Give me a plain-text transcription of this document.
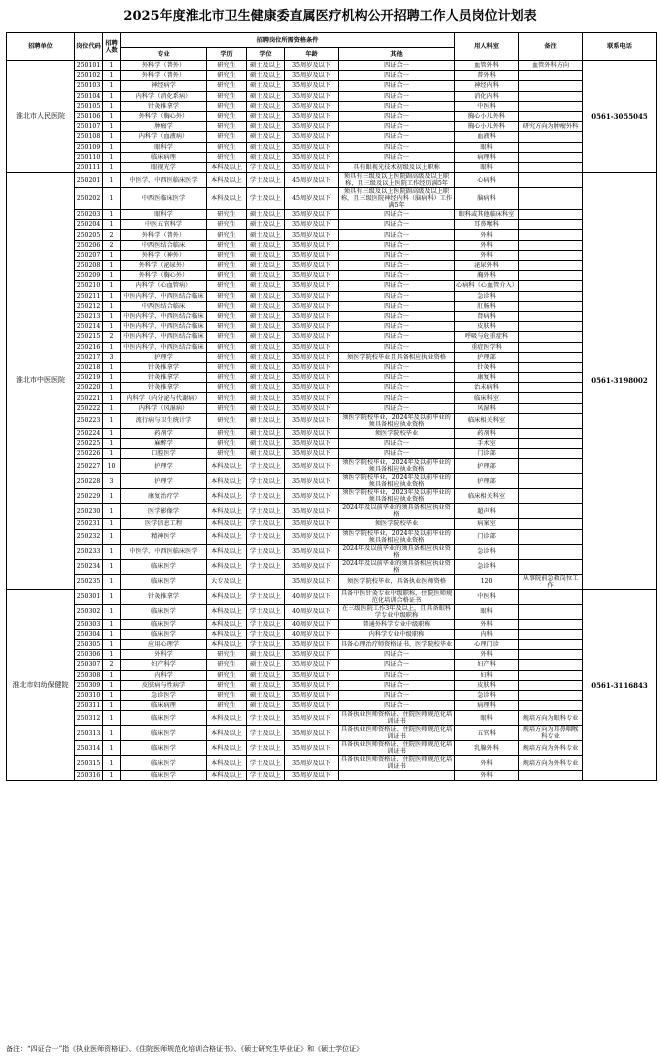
2025年度淮北市卫生健康委直属医疗机构公开招聘工作人员岗位计划表
招聘单位	岗位代码	招聘人数	招聘岗位所需资格条件					用人科室	备注	联系电话
			专业	学历	学位	年龄	其他			
淮北市人民医院	250101	1	外科学（普外）	研究生	硕士及以上	35周岁及以下	四证合一	血管外科	血管外科方向	0561-3055045
	250102	1	外科学（普外）	研究生	硕士及以上	35周岁及以下	四证合一	普外科		
	250103	1	神经病学	研究生	硕士及以上	35周岁及以下	四证合一	神经内科		
	250104	1	内科学（消化系病）	研究生	硕士及以上	35周岁及以下	四证合一	消化内科		
	250105	1	针灸推拿学	研究生	硕士及以上	35周岁及以下	四证合一	中医科		
	250106	1	外科学（胸心外）	研究生	硕士及以上	35周岁及以下	四证合一	胸心小儿外科		
	250107	1	肿瘤学	研究生	硕士及以上	35周岁及以下	四证合一	胸心小儿外科	研究方向为肿瘤外科	
	250108	1	内科学（血液病）	研究生	硕士及以上	35周岁及以下	四证合一	血液科		
	250109	1	眼科学	研究生	硕士及以上	35周岁及以下	四证合一	眼科		
	250110	1	临床病理	研究生	硕士及以上	35周岁及以下	四证合一	病理科		
	250111	1	眼视光学	本科及以上	学士及以上	35周岁及以下	具有眼视光技术初级及以上职称	眼科		
淮北市中医医院	250201	1	中医学、中西医临床医学	本科及以上	学士及以上	45周岁及以下	须具有三级及以上医院副高级及以上职称，且三级及以上医院工作经历满5年	心病科		0561-3198002
	250202	1	中西医临床医学	本科及以上	学士及以上	45周岁及以下	须具有三级及以上医院副高级及以上职称，且三级医院神经内科（脑病科）工作满5年	脑病科		
	250203	1	眼科学	研究生	硕士及以上	35周岁及以下	四证合一	眼科或其他临床科室		
	250204	1	中医五官科学	研究生	硕士及以上	35周岁及以下	四证合一	耳鼻喉科		
	250205	2	外科学（普外）	研究生	硕士及以上	35周岁及以下	四证合一	外科		
	250206	2	中西医结合临床	研究生	硕士及以上	35周岁及以下	四证合一	外科		
	250207	1	外科学（神外）	研究生	硕士及以上	35周岁及以下	四证合一	外科		
	250208	1	外科学（泌尿外）	研究生	硕士及以上	35周岁及以下	四证合一	泌尿外科		
	250209	1	外科学（胸心外）	研究生	硕士及以上	35周岁及以下	四证合一	胸外科		
	250210	1	内科学（心血管病）	研究生	硕士及以上	35周岁及以下	四证合一	心病科（心血管介入）		
	250211	1	中医内科学、中西医结合临床	研究生	硕士及以上	35周岁及以下	四证合一	急诊科		
	250212	1	中西医结合临床	研究生	硕士及以上	35周岁及以下	四证合一	肛肠科		
	250213	1	中医内科学、中西医结合临床	研究生	硕士及以上	35周岁及以下	四证合一	肾病科		
	250214	1	中医内科学、中西医结合临床	研究生	硕士及以上	35周岁及以下	四证合一	皮肤科		
	250215	2	中医内科学、中西医结合临床	研究生	硕士及以上	35周岁及以下	四证合一	呼吸与危重症科		
	250216	1	中医内科学、中西医结合临床	研究生	硕士及以上	35周岁及以下	四证合一	重症医学科		
	250217	3	护理学	研究生	硕士及以上	35周岁及以下	须医学院校毕业且具备相应执业资格	护理部		
	250218	1	针灸推拿学	研究生	硕士及以上	35周岁及以下	四证合一	针灸科		
	250219	1	针灸推拿学	研究生	硕士及以上	35周岁及以下	四证合一	康复科		
	250220	1	针灸推拿学	研究生	硕士及以上	35周岁及以下	四证合一	治未病科		
	250221	1	内科学（内分泌与代谢病）	研究生	硕士及以上	35周岁及以下	四证合一	临床科室		
	250222	1	内科学（风湿病）	研究生	硕士及以上	35周岁及以下	四证合一	风湿科		
	250223	1	流行病与卫生统计学	研究生	硕士及以上	35周岁及以下	须医学院校毕业，2024年及以前毕业的须具备相应执业资格	临床相关科室		
	250224	1	药剂学	研究生	硕士及以上	35周岁及以下	须医学院校毕业	药剂科		
	250225	1	麻醉学	研究生	硕士及以上	35周岁及以下	四证合一	手术室		
	250226	1	口腔医学	研究生	硕士及以上	35周岁及以下	四证合一	门诊部		
	250227	10	护理学	本科及以上	学士及以上	35周岁及以下	须医学院校毕业，2024年及以前毕业的须具备相应执业资格	护理部		
	250228	3	护理学	本科及以上	学士及以上	35周岁及以下	须医学院校毕业，2024年及以前毕业的须具备相应执业资格	护理部		
	250229	1	康复治疗学	本科及以上	学士及以上	35周岁及以下	须医学院校毕业，2023年及以前毕业的须具备相应执业资格	临床相关科室		
	250230	1	医学影像学	本科及以上	学士及以上	35周岁及以下	2024年及以前毕业的须具备相应执业资格	超声科		
	250231	1	医学信息工程	本科及以上	学士及以上	35周岁及以下	须医学院校毕业	病案室		
	250232	1	精神医学	本科及以上	学士及以上	35周岁及以下	须医学院校毕业，2024年及以前毕业的须具备相应执业资格	门诊部		
	250233	1	中医学、中西医临床医学	本科及以上	学士及以上	35周岁及以下	2024年及以前毕业的须具备相应执业资格	急诊科		
	250234	1	临床医学	本科及以上	学士及以上	35周岁及以下	2024年及以前毕业的须具备相应执业资格	急诊科		
	250235	1	临床医学	大专及以上		35周岁及以下	须医学院校毕业，具备执业医师资格	120	从事院前急救岗位工作	
淮北市妇幼保健院	250301	1	针灸推拿学	本科及以上	学士及以上	40周岁及以下	具备中医针灸专业中级职称，住院医师规范化培训合格证书	中医科		0561-3116843
	250302	1	临床医学	本科及以上	学士及以上	40周岁及以下	在三级医院工作3年及以上，且具备眼科学专业中级职称	眼科		
	250303	1	临床医学	本科及以上	学士及以上	40周岁及以下	普通外科学专业中级职称	外科		
	250304	1	临床医学	本科及以上	学士及以上	40周岁及以下	内科学专业中级职称	内科		
	250305	1	应用心理学	本科及以上	学士及以上	35周岁及以下	具备心理治疗师资格证书、医学院校毕业	心理门诊		
	250306	1	外科学	研究生	硕士及以上	35周岁及以下	四证合一	外科		
	250307	2	妇产科学	研究生	硕士及以上	35周岁及以下	四证合一	妇产科		
	250308	1	内科学	研究生	硕士及以上	35周岁及以下	四证合一	妇科		
	250309	1	皮肤病与性病学	研究生	硕士及以上	35周岁及以下	四证合一	皮肤科		
	250310	1	急诊医学	研究生	硕士及以上	35周岁及以下	四证合一	急诊科		
	250311	1	临床病理	研究生	硕士及以上	35周岁及以下	四证合一	病理科		
	250312	1	临床医学	本科及以上	学士及以上	35周岁及以下	具备执业医师资格证、住院医师规范化培训证书	眼科	规培方向为眼科专业	
	250313	1	临床医学	本科及以上	学士及以上	35周岁及以下	具备执业医师资格证、住院医师规范化培训证书	五官科	规培方向为耳鼻咽喉科专业	
	250314	1	临床医学	本科及以上	学士及以上	35周岁及以下	具备执业医师资格证、住院医师规范化培训证书	乳腺外科	规培方向为外科专业	
	250315	1	临床医学	本科及以上	学士及以上	35周岁及以下	具备执业医师资格证、住院医师规范化培训证书	外科	规培方向为外科专业	
	250316	1	临床医学	本科及以上	学士及以上	35周岁及以下		外科		
备注：“四证合一”指《执业医师资格证》、《住院医师规范化培训合格证书》、《硕士研究生毕业证》和《硕士学位证》
